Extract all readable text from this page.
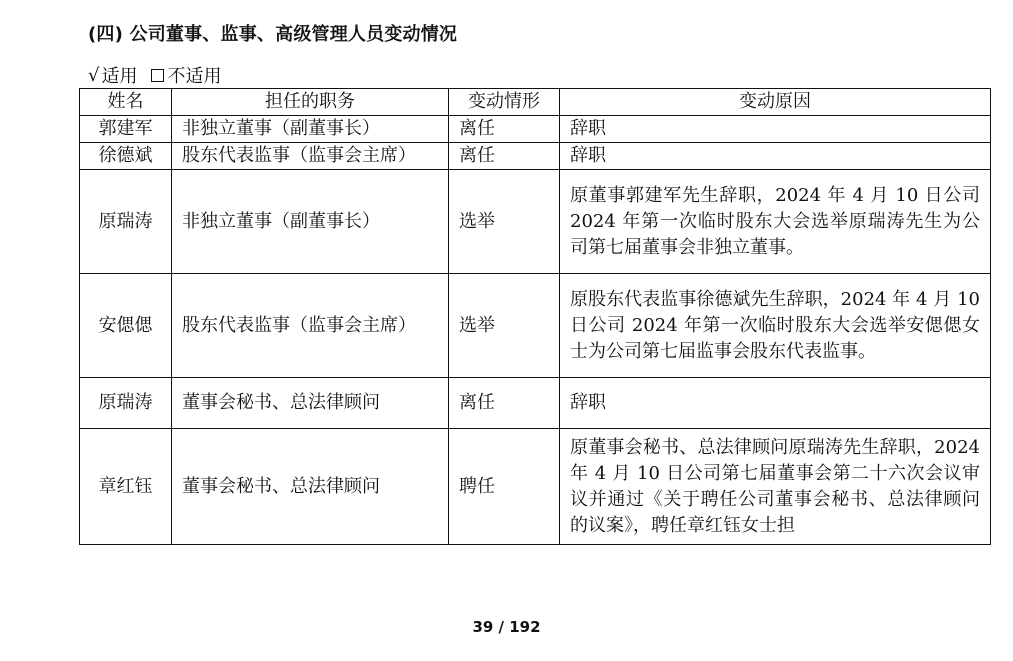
(四) 公司董事、监事、高级管理人员变动情况
√ 适用 不适用
姓名	担任的职务	变动情形	变动原因
郭建军	非独立董事（副董事长）	离任	辞职
徐德斌	股东代表监事（监事会主席）	离任	辞职
原瑞涛	非独立董事（副董事长）	选举	原董事郭建军先生辞职，2024 年 4 月 10 日公司 2024 年第一次临时股东大会选举原瑞涛先生为公司第七届董事会非独立董事。
安偲偲	股东代表监事（监事会主席）	选举	原股东代表监事徐德斌先生辞职，2024 年 4 月 10 日公司 2024 年第一次临时股东大会选举安偲偲女士为公司第七届监事会股东代表监事。
原瑞涛	董事会秘书、总法律顾问	离任	辞职
章红钰	董事会秘书、总法律顾问	聘任	原董事会秘书、总法律顾问原瑞涛先生辞职，2024 年 4 月 10 日公司第七届董事会第二十六次会议审议并通过《关于聘任公司董事会秘书、总法律顾问的议案》，聘任章红钰女士担
39 / 192
